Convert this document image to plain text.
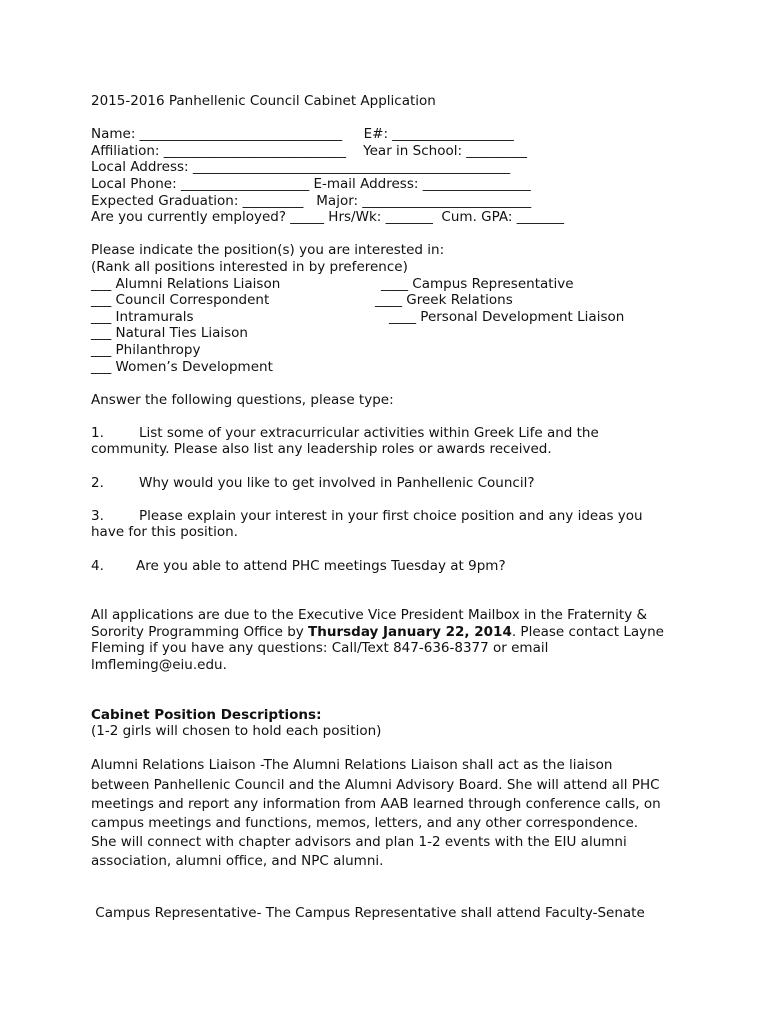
2015-2016 Panhellenic Council Cabinet Application
Name: ______________________________     E#: __________________
Affiliation: ___________________________    Year in School: _________
Local Address: _______________________________________________
Local Phone: ___________________ E-mail Address: ________________
Expected Graduation: _________   Major: _________________________
Are you currently employed? _____ Hrs/Wk: _______  Cum. GPA: _______
Please indicate the position(s) you are interested in:
(Rank all positions interested in by preference)
___ Alumni Relations Liaison	____ Campus Representative
___ Council Correspondent	____ Greek Relations
___ Intramurals	____ Personal Development Liaison
___ Natural Ties Liaison
___ Philanthropy
___ Women’s Development
Answer the following questions, please type:
1.	List some of your extracurricular activities within Greek Life and the
community. Please also list any leadership roles or awards received.
2.	Why would you like to get involved in Panhellenic Council?
3.	Please explain your interest in your first choice position and any ideas you
have for this position.
4. Are you able to attend PHC meetings Tuesday at 9pm?
All applications are due to the Executive Vice President Mailbox in the Fraternity &
Sorority Programming Office by Thursday January 22, 2014. Please contact Layne
Fleming if you have any questions: Call/Text 847-636-8377 or email
lmfleming@eiu.edu.
Cabinet Position Descriptions:
(1-2 girls will chosen to hold each position)
Alumni Relations Liaison -The Alumni Relations Liaison shall act as the liaison
between Panhellenic Council and the Alumni Advisory Board. She will attend all PHC
meetings and report any information from AAB learned through conference calls, on
campus meetings and functions, memos, letters, and any other correspondence.
She will connect with chapter advisors and plan 1-2 events with the EIU alumni
association, alumni office, and NPC alumni.
Campus Representative- The Campus Representative shall attend Faculty-Senate
